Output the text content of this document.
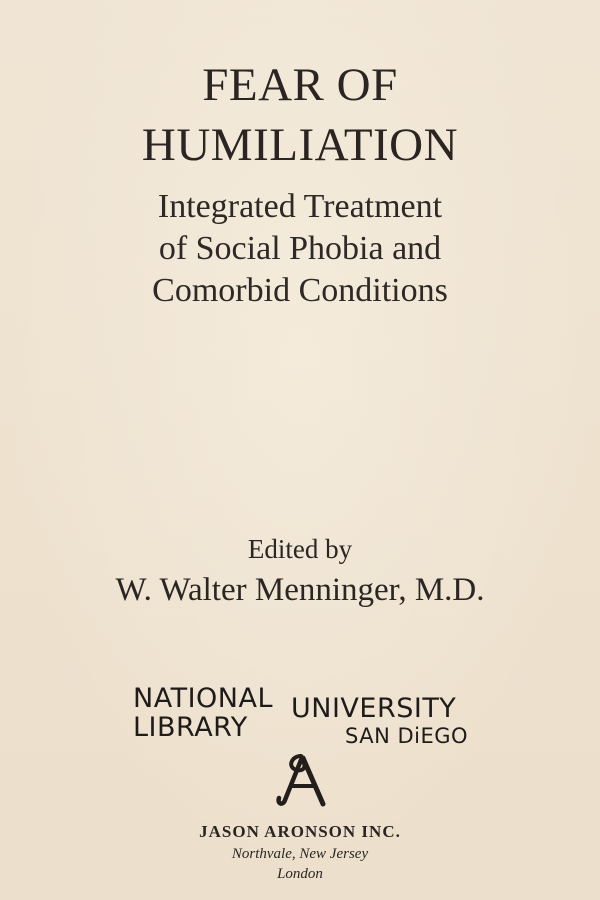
FEAR OF
HUMILIATION
Integrated Treatment
of Social Phobia and
Comorbid Conditions
Edited by
W. Walter Menninger, M.D.
NATIONAL
LIBRARY
UNIVERSITY
SAN DiEGO
JASON ARONSON INC.
Northvale, New Jersey
London
